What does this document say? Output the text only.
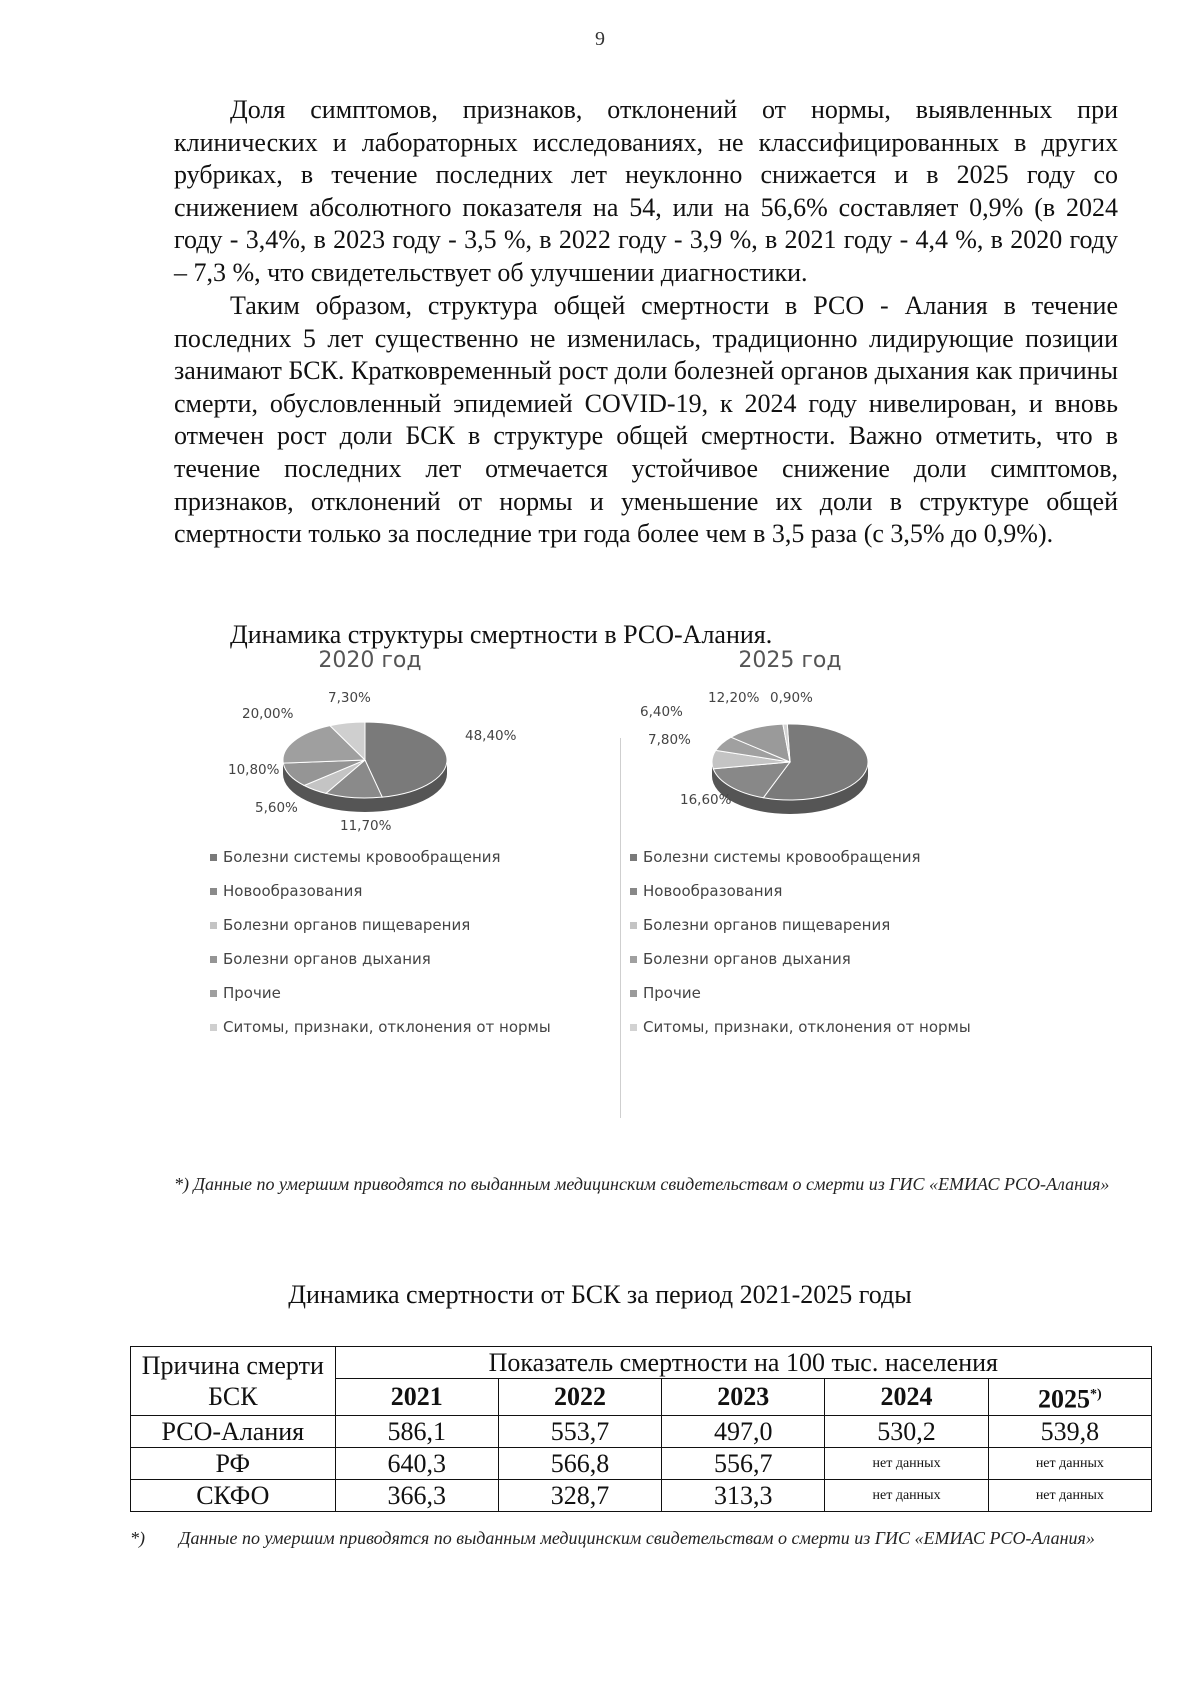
9

Доля симптомов, признаков, отклонений от нормы, выявленных при клинических и лабораторных исследованиях, не классифицированных в других рубриках, в течение последних лет неуклонно снижается и в 2025 году со снижением абсолютного показателя на 54, или на 56,6% составляет 0,9% (в 2024 году - 3,4%, в 2023 году - 3,5 %, в 2022 году - 3,9 %, в 2021 году - 4,4 %, в 2020 году – 7,3 %, что свидетельствует об улучшении диагностики.

Таким образом, структура общей смертности в РСО - Алания в течение последних 5 лет существенно не изменилась, традиционно лидирующие позиции занимают БСК. Кратковременный рост доли болезней органов дыхания как причины смерти, обусловленный эпидемией COVID-19, к 2024 году нивелирован, и вновь отмечен рост доли БСК в структуре общей смертности. Важно отметить, что в течение последних лет отмечается устойчивое снижение доли симптомов, признаков, отклонений от нормы и уменьшение их доли в структуре общей смертности только за последние три года более чем в 3,5 раза (с 3,5% до 0,9%).

Динамика структуры смертности в РСО-Алания.

2020 год	2025 год
48,40%
11,70%
5,60%
10,80%
20,00%
7,30%
16,60%
7,80%
6,40%
12,20% 0,90%
Болезни системы кровообращения
Новообразования
Болезни органов пищеварения
Болезни органов дыхания
Прочие
Ситомы, признаки, отклонения от нормы
Болезни системы кровообращения
Новообразования
Болезни органов пищеварения
Болезни органов дыхания
Прочие
Ситомы, признаки, отклонения от нормы

*) Данные по умершим приводятся по выданным медицинским свидетельствам о смерти из ГИС «ЕМИАС РСО-Алания»

Динамика смертности от БСК за период 2021-2025 годы

Причина смерти БСК	Показатель смертности на 100 тыс. населения				
	2021	2022	2023	2024	2025*)
РСО-Алания	586,1	553,7	497,0	530,2	539,8
РФ	640,3	566,8	556,7	нет данных	нет данных
СКФО	366,3	328,7	313,3	нет данных	нет данных

*) Данные по умершим приводятся по выданным медицинским свидетельствам о смерти из ГИС «ЕМИАС РСО-Алания»
